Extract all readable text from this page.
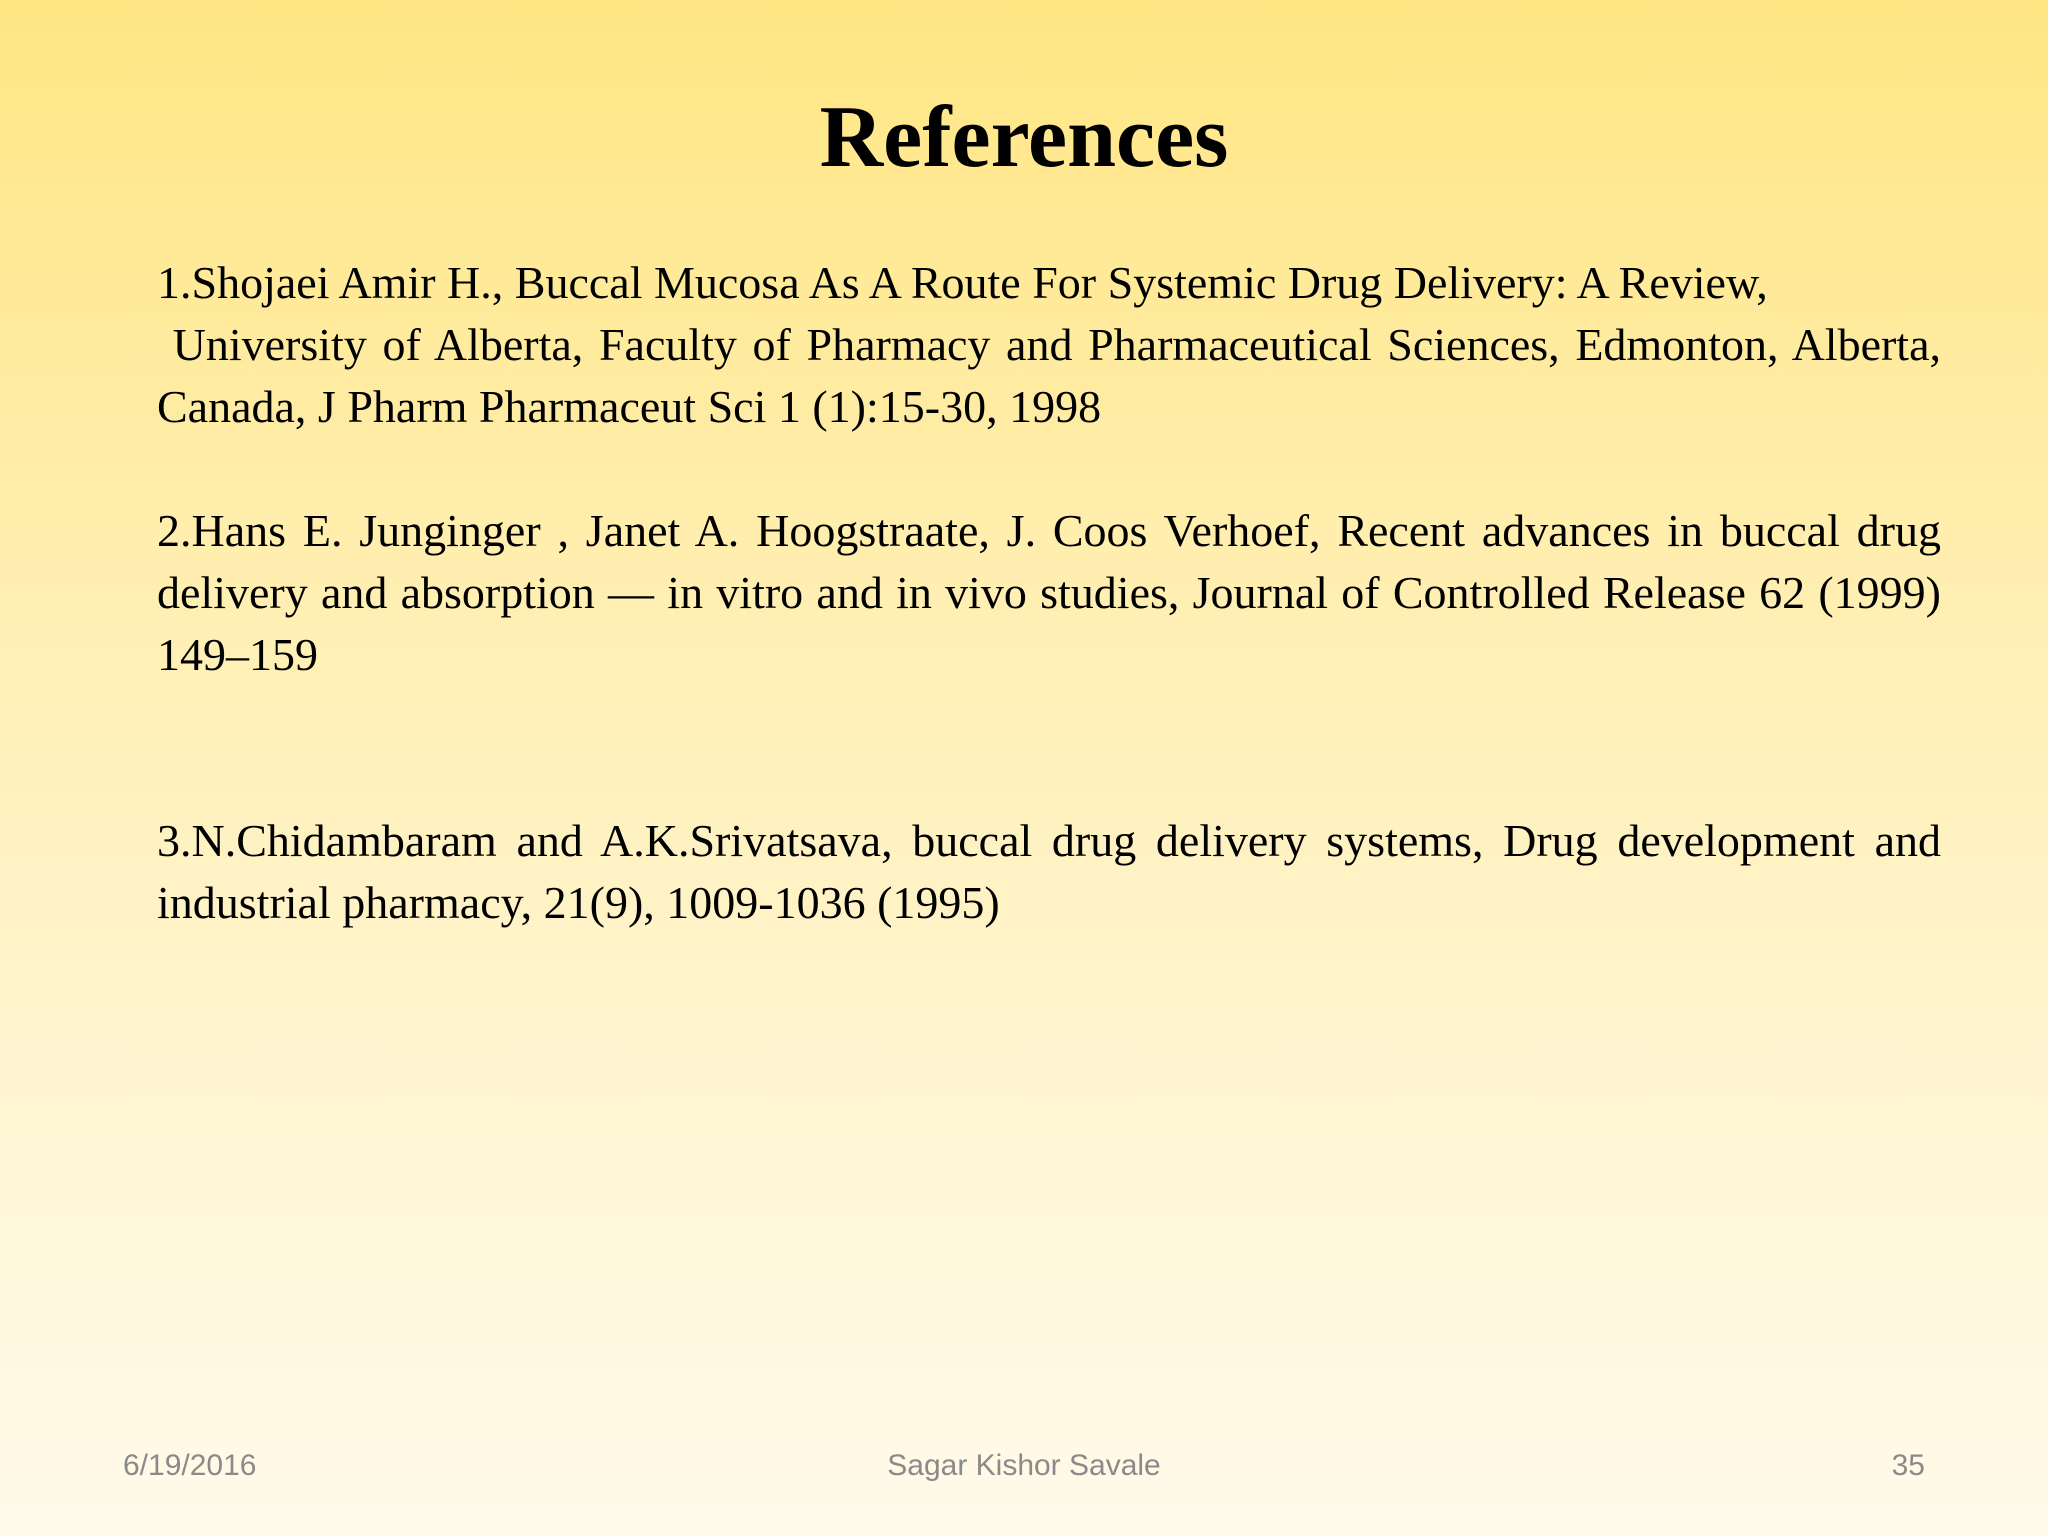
References

1.Shojaei Amir H., Buccal Mucosa As A Route For Systemic Drug Delivery: A Review,
University of Alberta, Faculty of Pharmacy and Pharmaceutical Sciences, Edmonton, Alberta, Canada, J Pharm Pharmaceut Sci 1 (1):15-30, 1998

2.Hans E. Junginger , Janet A. Hoogstraate, J. Coos Verhoef, Recent advances in buccal drug delivery and absorption — in vitro and in vivo studies, Journal of Controlled Release 62 (1999) 149–159

3.N.Chidambaram and A.K.Srivatsava, buccal drug delivery systems, Drug development and industrial pharmacy, 21(9), 1009-1036 (1995)

6/19/2016	Sagar Kishor Savale	35
